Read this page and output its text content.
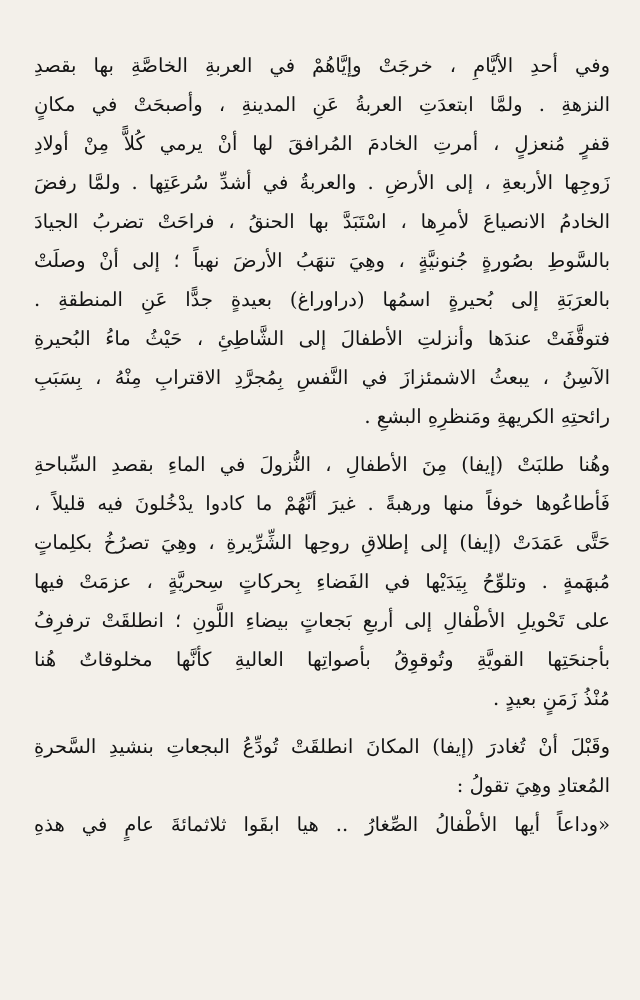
وفي أحدِ الأيَّامِ ، خرجَتْ وإيَّاهُمْ في العربةِ الخاصَّةِ بها بقصدِ
النزهةِ . ولمَّا ابتعدَتِ العربةُ عَنِ المدينةِ ، وأصبحَتْ في مكانٍ
قفرٍ مُنعزلٍ ، أمرتِ الخادمَ المُرافقَ لها أنْ يرمي كُلاًّ مِنْ أولادِ
زَوجِها الأربعةِ ، إلى الأرضِ . والعربةُ في أشدِّ سُرعَتِها . ولمَّا رفضَ
الخادمُ الانصياعَ لأمرِها ، اسْتَبَدَّ بها الحنقُ ، فراحَتْ تضربُ الجيادَ
بالسَّوطِ بصُورةٍ جُنونيَّةٍ ، وهِيَ تنهَبُ الأرضَ نهباً ؛ إلى أنْ وصلَتْ
بالعرَبَةِ إلى بُحيرةٍ اسمُها (دراوراغ) بعيدةٍ جدًّا عَنِ المنطقةِ .
فتوقَّفَتْ عندَها وأنزلتِ الأطفالَ إلى الشَّاطِئِ ، حَيْثُ ماءُ البُحيرةِ
الآسِنُ ، يبعثُ الاشمئزازَ في النَّفسِ بِمُجرَّدِ الاقترابِ مِنْهُ ، بِسَبَبِ
رائحتِهِ الكريهةِ ومَنظرِهِ البشعِ .
وهُنا طلبَتْ (إيفا) مِنَ الأطفالِ ، النُّزولَ في الماءِ بقصدِ السِّباحةِ
فَأطاعُوها خوفاً منها ورهبةً . غيرَ أنَّهُمْ ما كادوا يدْخُلونَ فيه قليلاً ،
حَتَّى عَمَدَتْ (إيفا) إلى إطلاقِ روحِها الشِّرِّيرةِ ، وهِيَ تصرُخُ بكلِماتٍ
مُبهَمةٍ . وتلوِّحُ بِيَدَيْها في الفَضاءِ بِحركاتٍ سِحريَّةٍ ، عزمَتْ فيها
على تَحْويلِ الأطْفالِ إلى أربعِ بَجعاتٍ بيضاءِ اللَّونِ ؛ انطلقَتْ ترفرِفُ
بأجنحَتِها القويَّةِ وتُوقوِقُ بأصواتِها العاليةِ كأنَّها مخلوقاتٌ هُنا
مُنْذُ زَمَنٍ بعيدٍ .
وقَبْلَ أنْ تُغادرَ (إيفا) المكانَ انطلقَتْ تُودِّعُ البجعاتِ بنشيدِ السَّحرةِ
المُعتادِ وهِيَ تقولُ :
«وداعاً أيها الأطْفالُ الصِّغارُ .. هيا ابقَوا ثلاثمائةَ عامٍ في هذهِ
